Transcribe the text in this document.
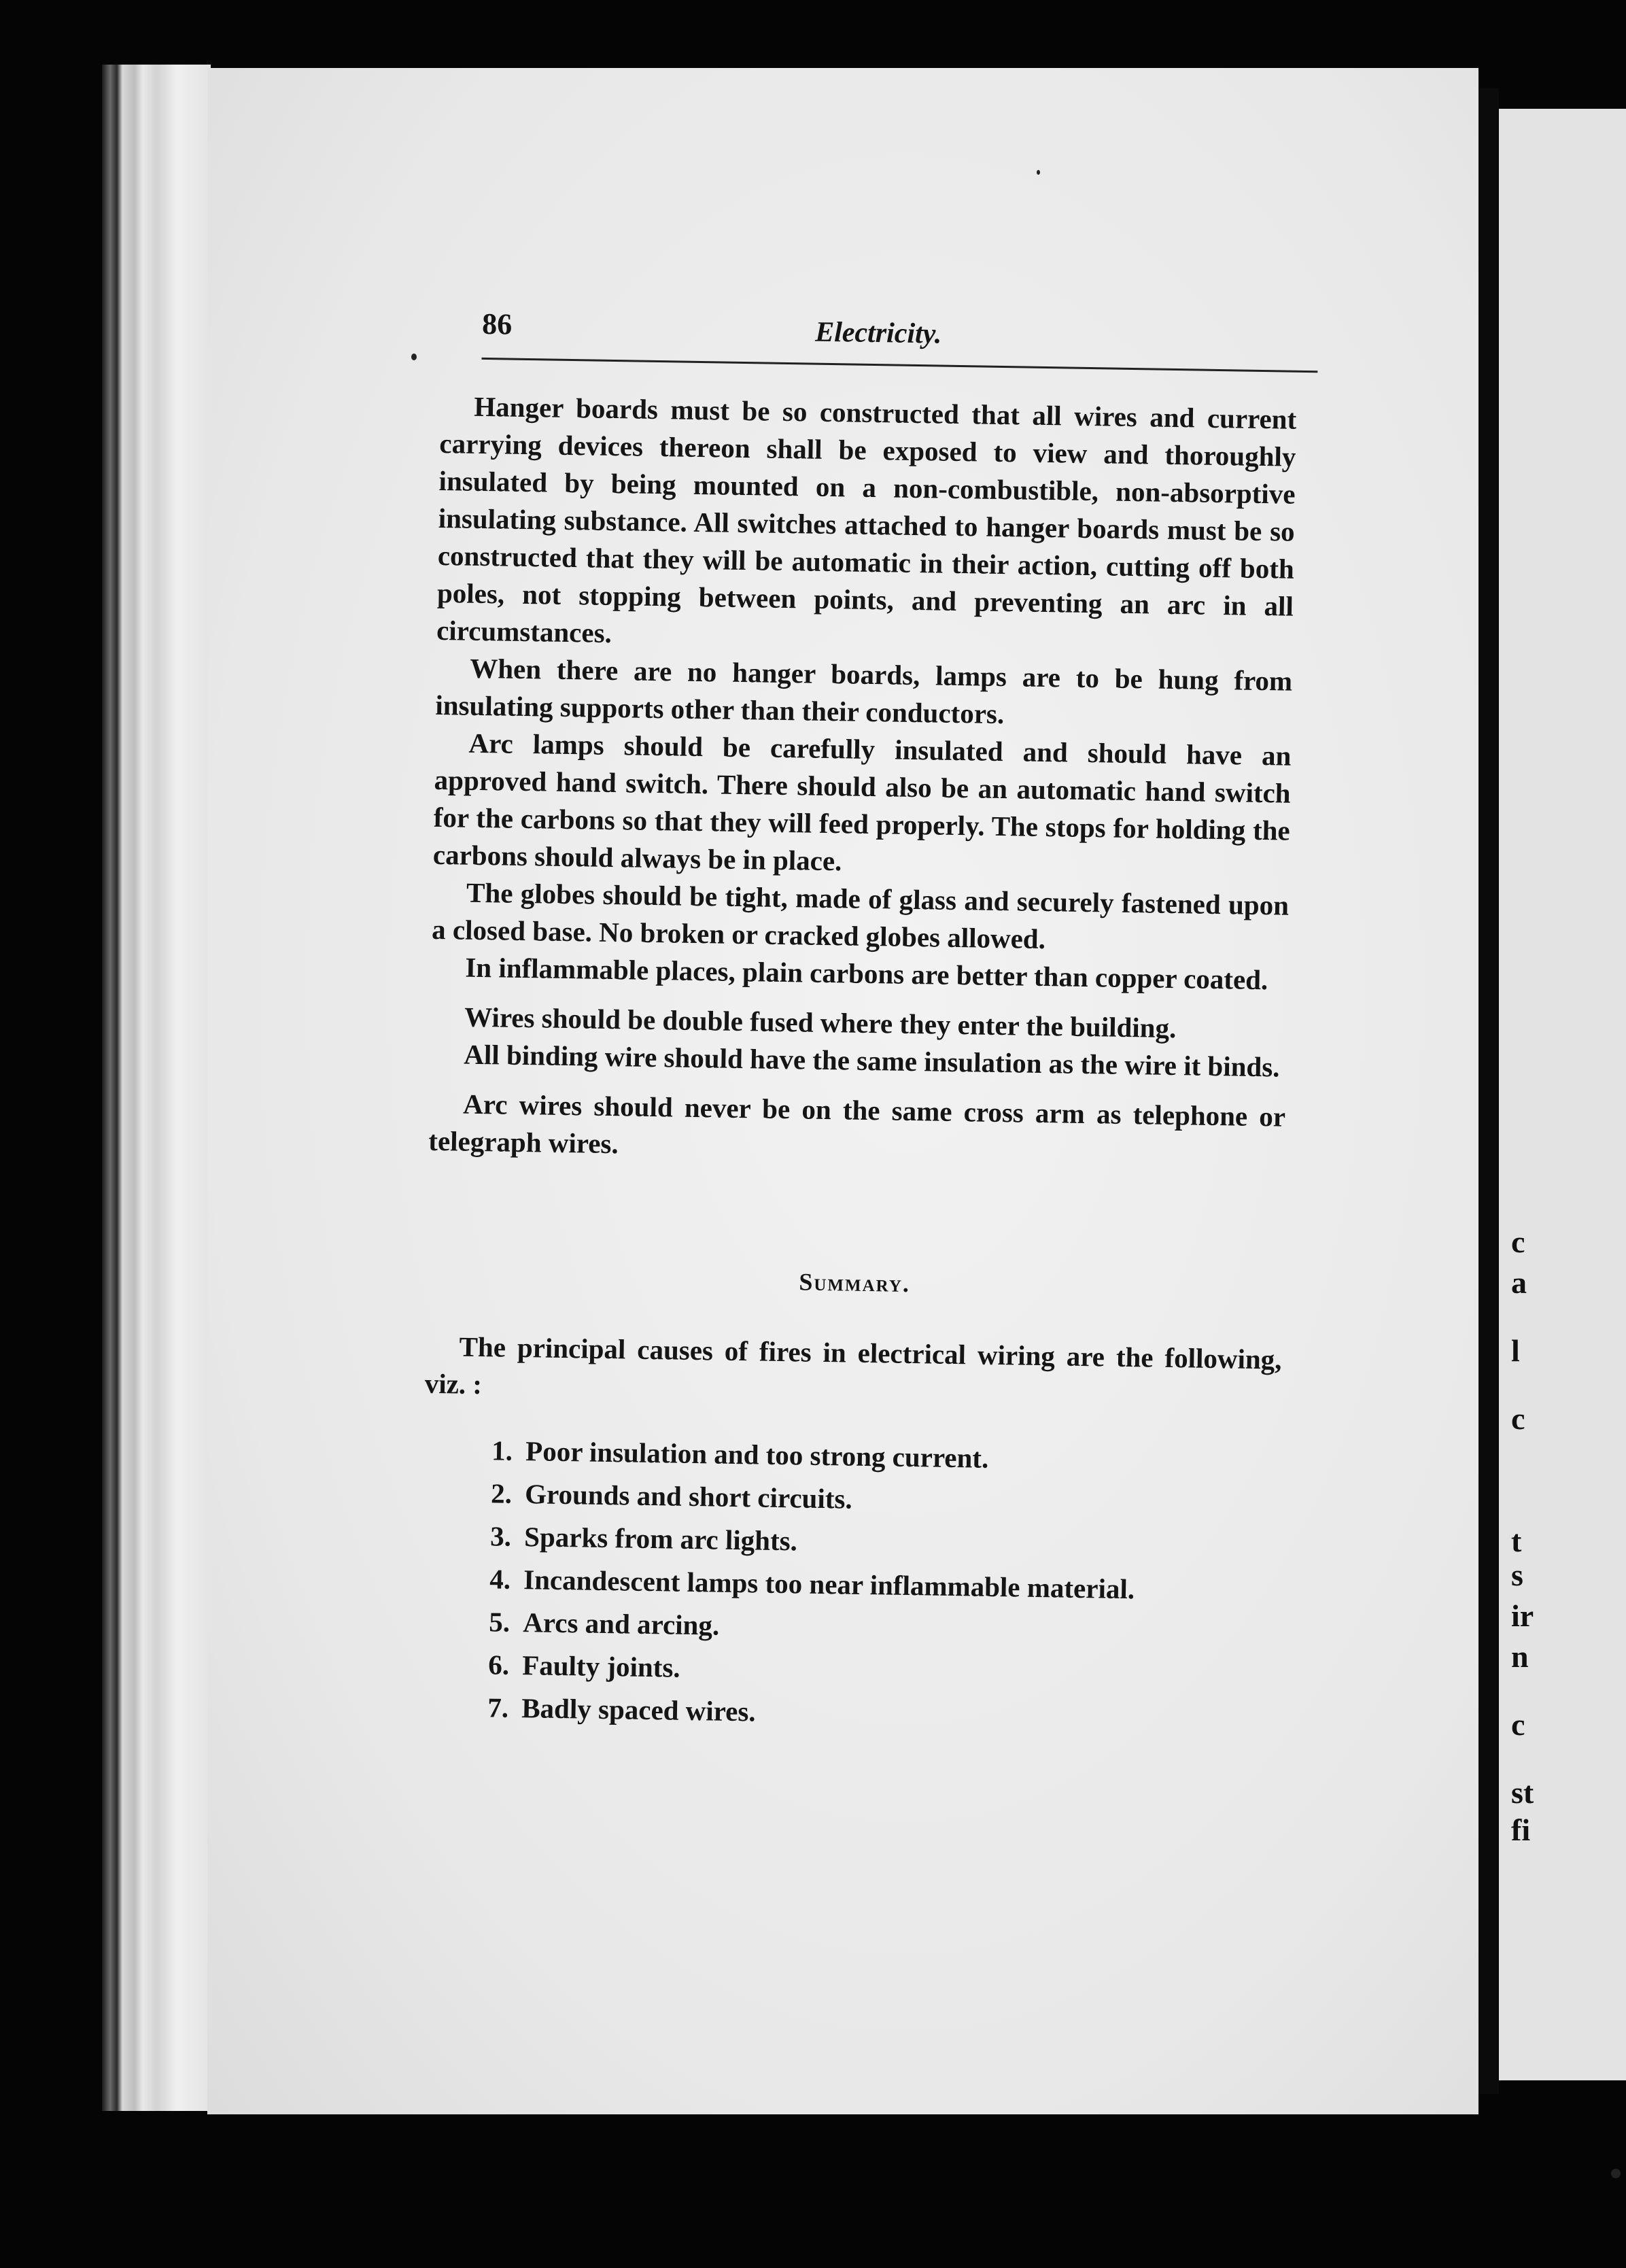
c
a
l
c
t
s
ir
n
c
st
fi
86	Electricity.

Hanger boards must be so constructed that all wires and current carrying devices thereon shall be exposed to view and thoroughly insulated by being mounted on a non-combustible, non-absorptive insulating substance. All switches attached to hanger boards must be so constructed that they will be automatic in their action, cutting off both poles, not stopping between points, and preventing an arc in all circumstances.

When there are no hanger boards, lamps are to be hung from insulating supports other than their conductors.

Arc lamps should be carefully insulated and should have an approved hand switch. There should also be an automatic hand switch for the carbons so that they will feed properly. The stops for holding the carbons should always be in place.

The globes should be tight, made of glass and securely fastened upon a closed base. No broken or cracked globes allowed.

In inflammable places, plain carbons are better than copper coated.

Wires should be double fused where they enter the building.

All binding wire should have the same insulation as the wire it binds.

Arc wires should never be on the same cross arm as telephone or telegraph wires.

Summary.
The principal causes of fires in electrical wiring are the following, viz. :
1. Poor insulation and too strong current.
2. Grounds and short circuits.
3. Sparks from arc lights.
4. Incandescent lamps too near inflammable material.
5. Arcs and arcing.
6. Faulty joints.
7. Badly spaced wires.
